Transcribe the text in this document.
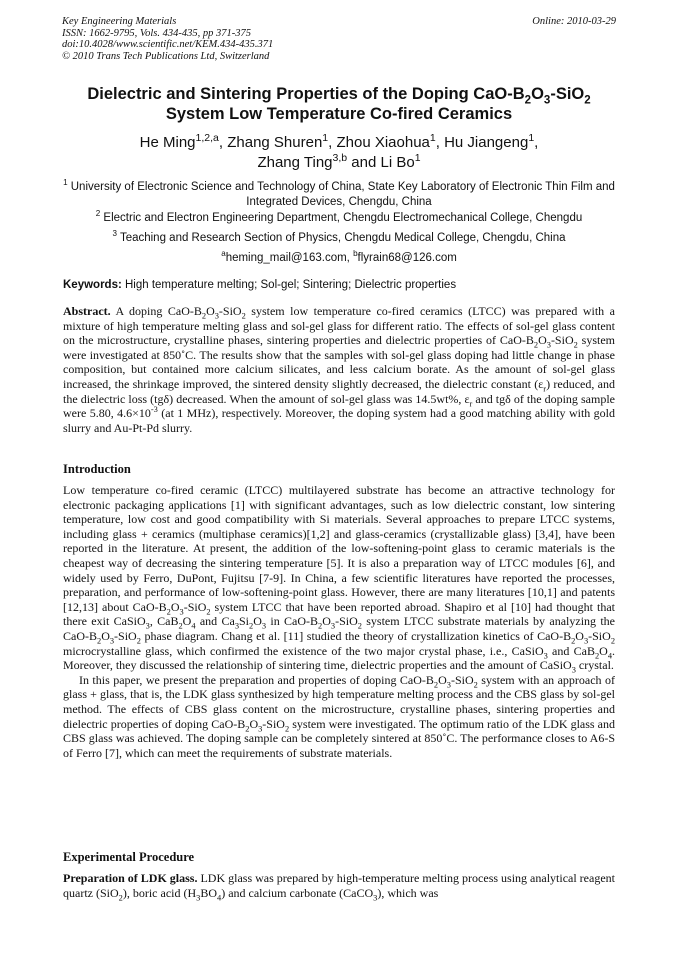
Key Engineering Materials
ISSN: 1662-9795, Vols. 434-435, pp 371-375
doi:10.4028/www.scientific.net/KEM.434-435.371
© 2010 Trans Tech Publications Ltd, Switzerland
Online: 2010-03-29
Dielectric and Sintering Properties of the Doping CaO-$B_2O_3-SiO_2$
System Low Temperature Co-fired Ceramics
He Ming$^{1,2,a}$, Zhang Shuren$^1$, Zhou Xiaohua$^1$, Hu Jiangeng$^1$,
Zhang Ting$^{3,b}$ and Li Bo$^1$
$^1$ University of Electronic Science and Technology of China, State Key Laboratory of Electronic Thin Film and Integrated Devices, Chengdu, China
$^2$ Electric and Electron Engineering Department, Chengdu Electromechanical College, Chengdu
$^3$ Teaching and Research Section of Physics, Chengdu Medical College, Chengdu, China
$^a$heming_mail@163.com, $^b$flyrain68@126.com
Keywords: High temperature melting; Sol-gel; Sintering; Dielectric properties
Abstract. A doping CaO-$B_2O_3-SiO_2$ system low temperature co-fired ceramics (LTCC) was prepared with a mixture of high temperature melting glass and sol-gel glass for different ratio. The effects of sol-gel glass content on the microstructure, crystalline phases, sintering properties and dielectric properties of CaO-$B_2O_3-SiO_2$ system were investigated at 850˚C. The results show that the samples with sol-gel glass doping had little change in phase composition, but contained more calcium silicates, and less calcium borate. As the amount of sol-gel glass increased, the shrinkage improved, the sintered density slightly decreased, the dielectric constant $(\varepsilon_r)$ reduced, and the dielectric loss (tgδ) decreased. When the amount of sol-gel glass was 14.5wt%, $\varepsilon_r$ and tgδ of the doping sample were 5.80, $4.6\times 10^{-3}$ (at 1 MHz), respectively. Moreover, the doping system had a good matching ability with gold slurry and Au-Pt-Pd slurry.
Introduction

Low temperature co-fired ceramic (LTCC) multilayered substrate has become an attractive technology for electronic packaging applications [1] with significant advantages, such as low dielectric constant, low sintering temperature, low cost and good compatibility with Si materials. Several approaches to prepare LTCC systems, including glass + ceramics (multiphase ceramics)[1,2] and glass-ceramics (crystallizable glass) [3,4], have been reported in the literature. At present, the addition of the low-softening-point glass to ceramic materials is the cheapest way of decreasing the sintering temperature [5]. It is also a preparation way of LTCC modules [6], and widely used by Ferro, DuPont, Fujitsu [7-9]. In China, a few scientific literatures have reported the processes, preparation, and performance of low-softening-point glass. However, there are many literatures [10,1] and patents [12,13] about CaO-$B_2O_3-SiO_2$ system LTCC that have been reported abroad. Shapiro et al [10] had thought that there exit CaSiO$_3$, $CaB_2O_4$ and $Ca_3Si_2O_3$ in CaO-$B_2O_3-SiO_2$ system LTCC substrate materials by analyzing the CaO-$B_2O_3-SiO_2$ phase diagram. Chang et al. [11] studied the theory of crystallization kinetics of CaO-$B_2O_3-SiO_2$ microcrystalline glass, which confirmed the existence of the two major crystal phase, i.e., CaSiO$_3$ and $CaB_2O_4$. Moreover, they discussed the relationship of sintering time, dielectric properties and the amount of CaSiO$_3$ crystal.

In this paper, we present the preparation and properties of doping CaO-$B_2O_3-SiO_2$ system with an approach of glass + glass, that is, the LDK glass synthesized by high temperature melting process and the CBS glass by sol-gel method. The effects of CBS glass content on the microstructure, crystalline phases, sintering properties and dielectric properties of doping CaO-$B_2O_3-SiO_2$ system were investigated. The optimum ratio of the LDK glass and CBS glass was achieved. The doping sample can be completely sintered at 850˚C. The performance closes to A6-S of Ferro [7], which can meet the requirements of substrate materials.

Experimental Procedure
Preparation of LDK glass. LDK glass was prepared by high-temperature melting process using analytical reagent quartz (SiO$_2$), boric acid $(H_3BO_4)$ and calcium carbonate (CaCO$_3$), which was
